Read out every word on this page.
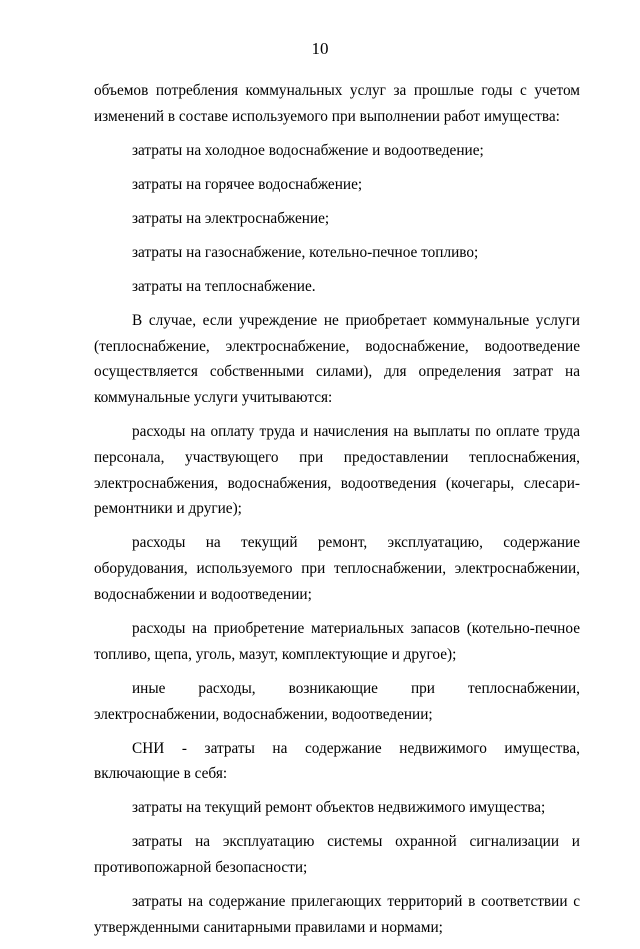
10

объемов потребления коммунальных услуг за прошлые годы с учетом изменений в составе используемого при выполнении работ имущества:

затраты на холодное водоснабжение и водоотведение;

затраты на горячее водоснабжение;

затраты на электроснабжение;

затраты на газоснабжение, котельно-печное топливо;

затраты на теплоснабжение.

В случае, если учреждение не приобретает коммунальные услуги (теплоснабжение, электроснабжение, водоснабжение, водоотведение осуществляется собственными силами), для определения затрат на коммунальные услуги учитываются:

расходы на оплату труда и начисления на выплаты по оплате труда персонала, участвующего при предоставлении теплоснабжения, электроснабжения, водоснабжения, водоотведения (кочегары, слесари-ремонтники и другие);

расходы на текущий ремонт, эксплуатацию, содержание оборудования, используемого при теплоснабжении, электроснабжении, водоснабжении и водоотведении;

расходы на приобретение материальных запасов (котельно-печное топливо, щепа, уголь, мазут, комплектующие и другое);

иные расходы, возникающие при теплоснабжении, электроснабжении, водоснабжении, водоотведении;

СНИ - затраты на содержание недвижимого имущества, включающие в себя:

затраты на текущий ремонт объектов недвижимого имущества;

затраты на эксплуатацию системы охранной сигнализации и противопожарной безопасности;

затраты на содержание прилегающих территорий в соответствии с утвержденными санитарными правилами и нормами;
